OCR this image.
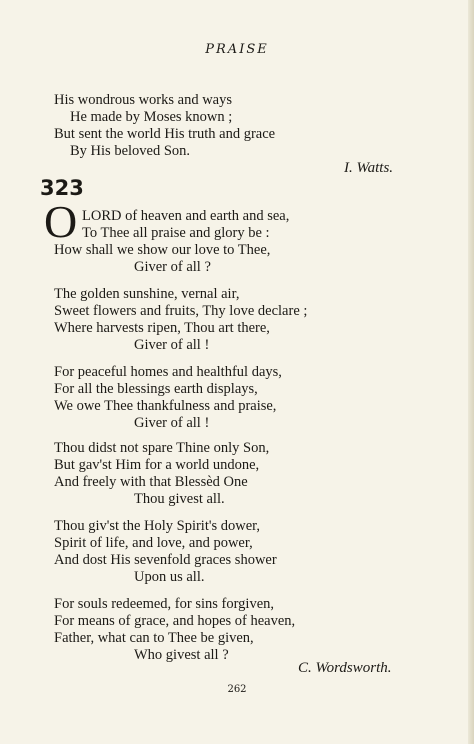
PRAISE
His wondrous works and ways
He made by Moses known ;
But sent the world His truth and grace
By His beloved Son.
I. Watts.
323
O LORD of heaven and earth and sea,
To Thee all praise and glory be :
How shall we show our love to Thee,
Giver of all ?
The golden sunshine, vernal air,
Sweet flowers and fruits, Thy love declare ;
Where harvests ripen, Thou art there,
Giver of all !
For peaceful homes and healthful days,
For all the blessings earth displays,
We owe Thee thankfulness and praise,
Giver of all !
Thou didst not spare Thine only Son,
But gav'st Him for a world undone,
And freely with that Blessèd One
Thou givest all.
Thou giv'st the Holy Spirit's dower,
Spirit of life, and love, and power,
And dost His sevenfold graces shower
Upon us all.
For souls redeemed, for sins forgiven,
For means of grace, and hopes of heaven,
Father, what can to Thee be given,
Who givest all ?
C. Wordsworth.
262
